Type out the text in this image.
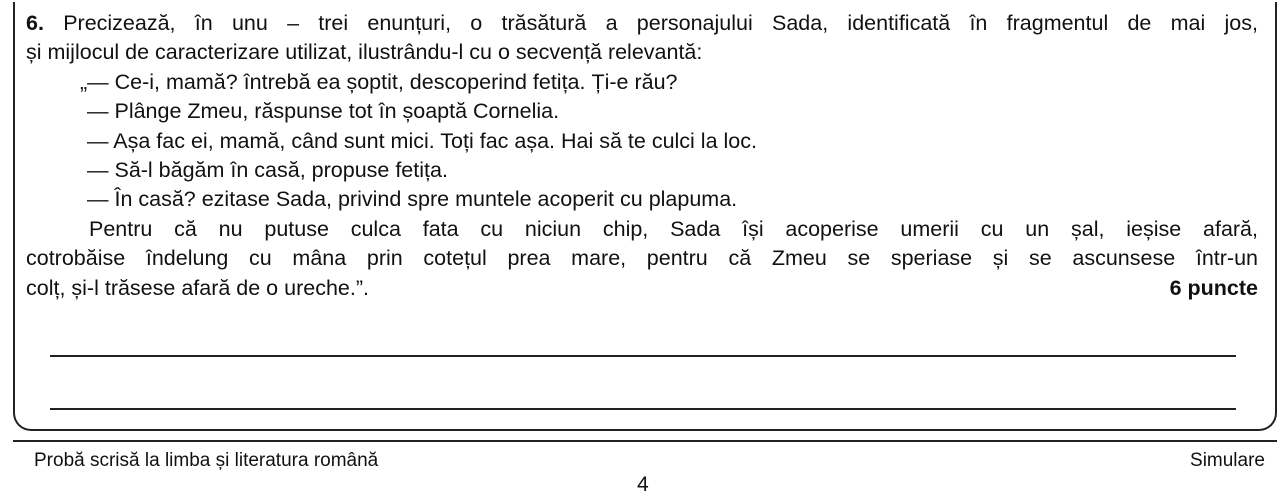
6. Precizează, în unu – trei enunțuri, o trăsătură a personajului Sada, identificată în fragmentul de mai jos,
și mijlocul de caracterizare utilizat, ilustrându-l cu o secvență relevantă:
„— Ce-i, mamă? întrebă ea șoptit, descoperind fetița. Ți-e rău?
— Plânge Zmeu, răspunse tot în șoaptă Cornelia.
— Așa fac ei, mamă, când sunt mici. Toți fac așa. Hai să te culci la loc.
— Să-l băgăm în casă, propuse fetița.
— În casă? ezitase Sada, privind spre muntele acoperit cu plapuma.
Pentru că nu putuse culca fata cu niciun chip, Sada își acoperise umerii cu un șal, ieșise afară,
cotrobăise îndelung cu mâna prin cotețul prea mare, pentru că Zmeu se speriase și se ascunsese într-un
colț, și-l trăsese afară de o ureche.”.	6 puncte
Probă scrisă la limba și literatura română	Simulare
4
